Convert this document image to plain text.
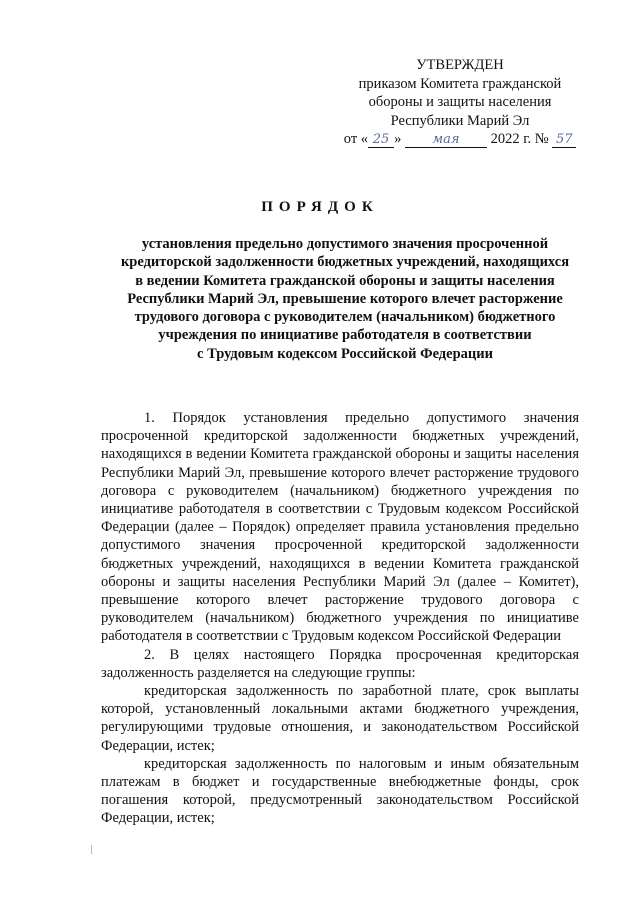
УТВЕРЖДЕН
приказом Комитета гражданской
обороны и защиты населения
Республики Марий Эл
от « 25 » мая 2022 г. № 57
ПОРЯДОК
установления предельно допустимого значения просроченной
кредиторской задолженности бюджетных учреждений, находящихся
в ведении Комитета гражданской обороны и защиты населения
Республики Марий Эл, превышение которого влечет расторжение
трудового договора с руководителем (начальником) бюджетного
учреждения по инициативе работодателя в соответствии
с Трудовым кодексом Российской Федерации

1. Порядок установления предельно допустимого значения просроченной кредиторской задолженности бюджетных учреждений, находящихся в ведении Комитета гражданской обороны и защиты населения Республики Марий Эл, превышение которого влечет расторжение трудового договора с руководителем (начальником) бюджетного учреждения по инициативе работодателя в соответствии с Трудовым кодексом Российской Федерации (далее – Порядок) определяет правила установления предельно допустимого значения просроченной кредиторской задолженности бюджетных учреждений, находящихся в ведении Комитета гражданской обороны и защиты населения Республики Марий Эл (далее – Комитет), превышение которого влечет расторжение трудового договора с руководителем (начальником) бюджетного учреждения по инициативе работодателя в соответствии с Трудовым кодексом Российской Федерации

2. В целях настоящего Порядка просроченная кредиторская задолженность разделяется на следующие группы:

кредиторская задолженность по заработной плате, срок выплаты которой, установленный локальными актами бюджетного учреждения, регулирующими трудовые отношения, и законодательством Российской Федерации, истек;

кредиторская задолженность по налоговым и иным обязательным платежам в бюджет и государственные внебюджетные фонды, срок погашения которой, предусмотренный законодательством Российской Федерации, истек;
